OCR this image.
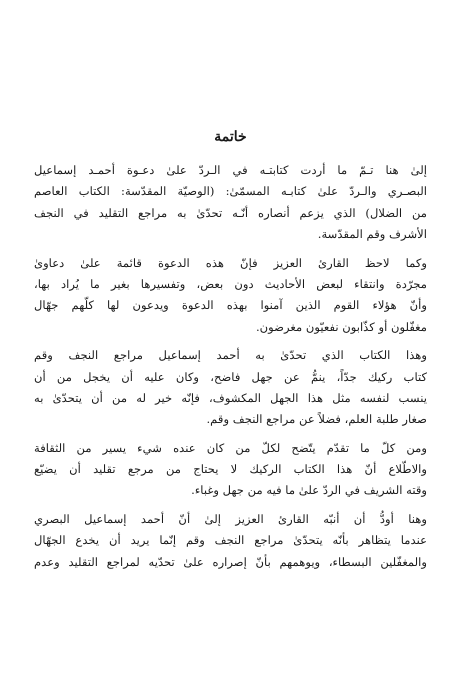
خاتمة

إلىٰ هنا تـمّ ما أردت كتابتـه في الـردّ علىٰ دعـوة أحمـد إسماعيل
البصـري والـردّ علىٰ كتابـه المسمّىٰ: (الوصيّة المقدّسة: الكتاب العاصم
من الضلال) الذي يزعم أنصاره أنّـه تحدّىٰ به مراجع التقليد في النجف
الأشرف وقم المقدّسة.

وكما لاحظ القارئ العزيز فإنّ هذه الدعوة قائمة علىٰ دعاوىٰ
مجرّدة وانتقاء لبعض الأحاديث دون بعض، وتفسيرها بغير ما يُراد بها،
وأنّ هؤلاء القوم الذين آمنوا بهذه الدعوة ويدعون لها كلّهم جهّال
مغفّلون أو كذّابون نفعيّون مغرضون.

وهذا الكتاب الذي تحدّىٰ به أحمد إسماعيل مراجع النجف وقم
كتاب ركيك جدّاً، ينمُّ عن جهل فاضح، وكان عليه أن يخجل من أن
ينسب لنفسه مثل هذا الجهل المكشوف، فإنّه خير له من أن يتحدّىٰ به
صغار طلبة العلم، فضلاً عن مراجع النجف وقم.

ومن كلّ ما تقدّم يتّضح لكلّ من كان عنده شيء يسير من الثقافة
والاطّلاع أنّ هذا الكتاب الركيك لا يحتاج من مرجع تقليد أن يضيّع
وقته الشريف في الردّ علىٰ ما فيه من جهل وغباء.

وهنا أودُّ أن أنبّه القارئ العزيز إلىٰ أنّ أحمد إسماعيل البصري
عندما يتظاهر بأنّه يتحدّىٰ مراجع النجف وقم إنّما يريد أن يخدع الجهّال
والمغفّلين البسطاء، ويوهمهم بأنّ إصراره علىٰ تحدّيه لمراجع التقليد وعدم
